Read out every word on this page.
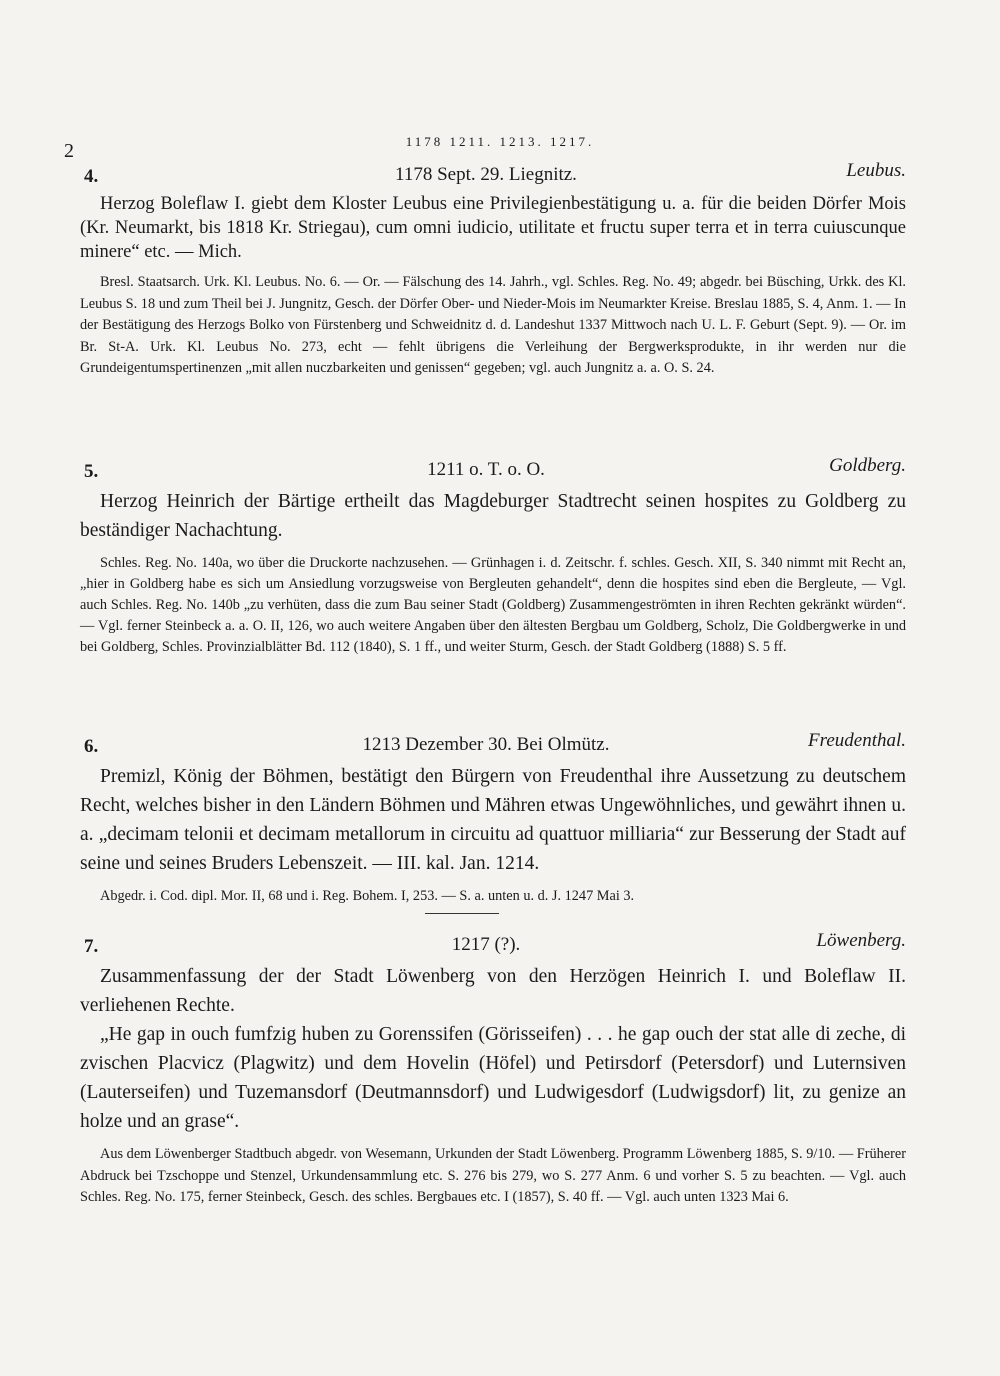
2	1178 1211. 1213. 1217.
4.	1178 Sept. 29. Liegnitz.	Leubus.

Herzog Boleflaw I. giebt dem Kloster Leubus eine Privilegienbestätigung u. a. für die beiden Dörfer Mois (Kr. Neumarkt, bis 1818 Kr. Striegau), cum omni iudicio, utilitate et fructu super terra et in terra cuiuscunque minere“ etc. — Mich.

Bresl. Staatsarch. Urk. Kl. Leubus. No. 6. — Or. — Fälschung des 14. Jahrh., vgl. Schles. Reg. No. 49; abgedr. bei Büsching, Urkk. des Kl. Leubus S. 18 und zum Theil bei J. Jungnitz, Gesch. der Dörfer Ober- und Nieder-Mois im Neumarkter Kreise. Breslau 1885, S. 4, Anm. 1. — In der Bestätigung des Herzogs Bolko von Fürstenberg und Schweidnitz d. d. Landeshut 1337 Mittwoch nach U. L. F. Geburt (Sept. 9). — Or. im Br. St-A. Urk. Kl. Leubus No. 273, echt — fehlt übrigens die Verleihung der Bergwerksprodukte, in ihr werden nur die Grundeigentumspertinenzen „mit allen nuczbarkeiten und genissen“ gegeben; vgl. auch Jungnitz a. a. O. S. 24.

5.	1211 o. T. o. O.	Goldberg.

Herzog Heinrich der Bärtige ertheilt das Magdeburger Stadtrecht seinen hospites zu Goldberg zu beständiger Nachachtung.

Schles. Reg. No. 140a, wo über die Druckorte nachzusehen. — Grünhagen i. d. Zeitschr. f. schles. Gesch. XII, S. 340 nimmt mit Recht an, „hier in Goldberg habe es sich um Ansiedlung vorzugsweise von Bergleuten gehandelt“, denn die hospites sind eben die Bergleute, — Vgl. auch Schles. Reg. No. 140b „zu verhüten, dass die zum Bau seiner Stadt (Goldberg) Zusammengeströmten in ihren Rechten gekränkt würden“. — Vgl. ferner Steinbeck a. a. O. II, 126, wo auch weitere Angaben über den ältesten Bergbau um Goldberg, Scholz, Die Goldbergwerke in und bei Goldberg, Schles. Provinzialblätter Bd. 112 (1840), S. 1 ff., und weiter Sturm, Gesch. der Stadt Goldberg (1888) S. 5 ff.

6.	1213 Dezember 30. Bei Olmütz.	Freudenthal.

Premizl, König der Böhmen, bestätigt den Bürgern von Freudenthal ihre Aussetzung zu deutschem Recht, welches bisher in den Ländern Böhmen und Mähren etwas Ungewöhnliches, und gewährt ihnen u. a. „decimam telonii et decimam metallorum in circuitu ad quattuor milliaria“ zur Besserung der Stadt auf seine und seines Bruders Lebenszeit. — III. kal. Jan. 1214.

Abgedr. i. Cod. dipl. Mor. II, 68 und i. Reg. Bohem. I, 253. — S. a. unten u. d. J. 1247 Mai 3.

7.	1217 (?).	Löwenberg.

Zusammenfassung der der Stadt Löwenberg von den Herzögen Heinrich I. und Boleflaw II. verliehenen Rechte.

„He gap in ouch fumfzig huben zu Gorenssifen (Görisseifen) . . . he gap ouch der stat alle di zeche, di zvischen Placvicz (Plagwitz) und dem Hovelin (Höfel) und Petirsdorf (Petersdorf) und Luternsiven (Lauterseifen) und Tuzemansdorf (Deutmannsdorf) und Ludwigesdorf (Ludwigsdorf) lit, zu genize an holze und an grase“.

Aus dem Löwenberger Stadtbuch abgedr. von Wesemann, Urkunden der Stadt Löwenberg. Programm Löwenberg 1885, S. 9/10. — Früherer Abdruck bei Tzschoppe und Stenzel, Urkundensammlung etc. S. 276 bis 279, wo S. 277 Anm. 6 und vorher S. 5 zu beachten. — Vgl. auch Schles. Reg. No. 175, ferner Steinbeck, Gesch. des schles. Bergbaues etc. I (1857), S. 40 ff. — Vgl. auch unten 1323 Mai 6.
